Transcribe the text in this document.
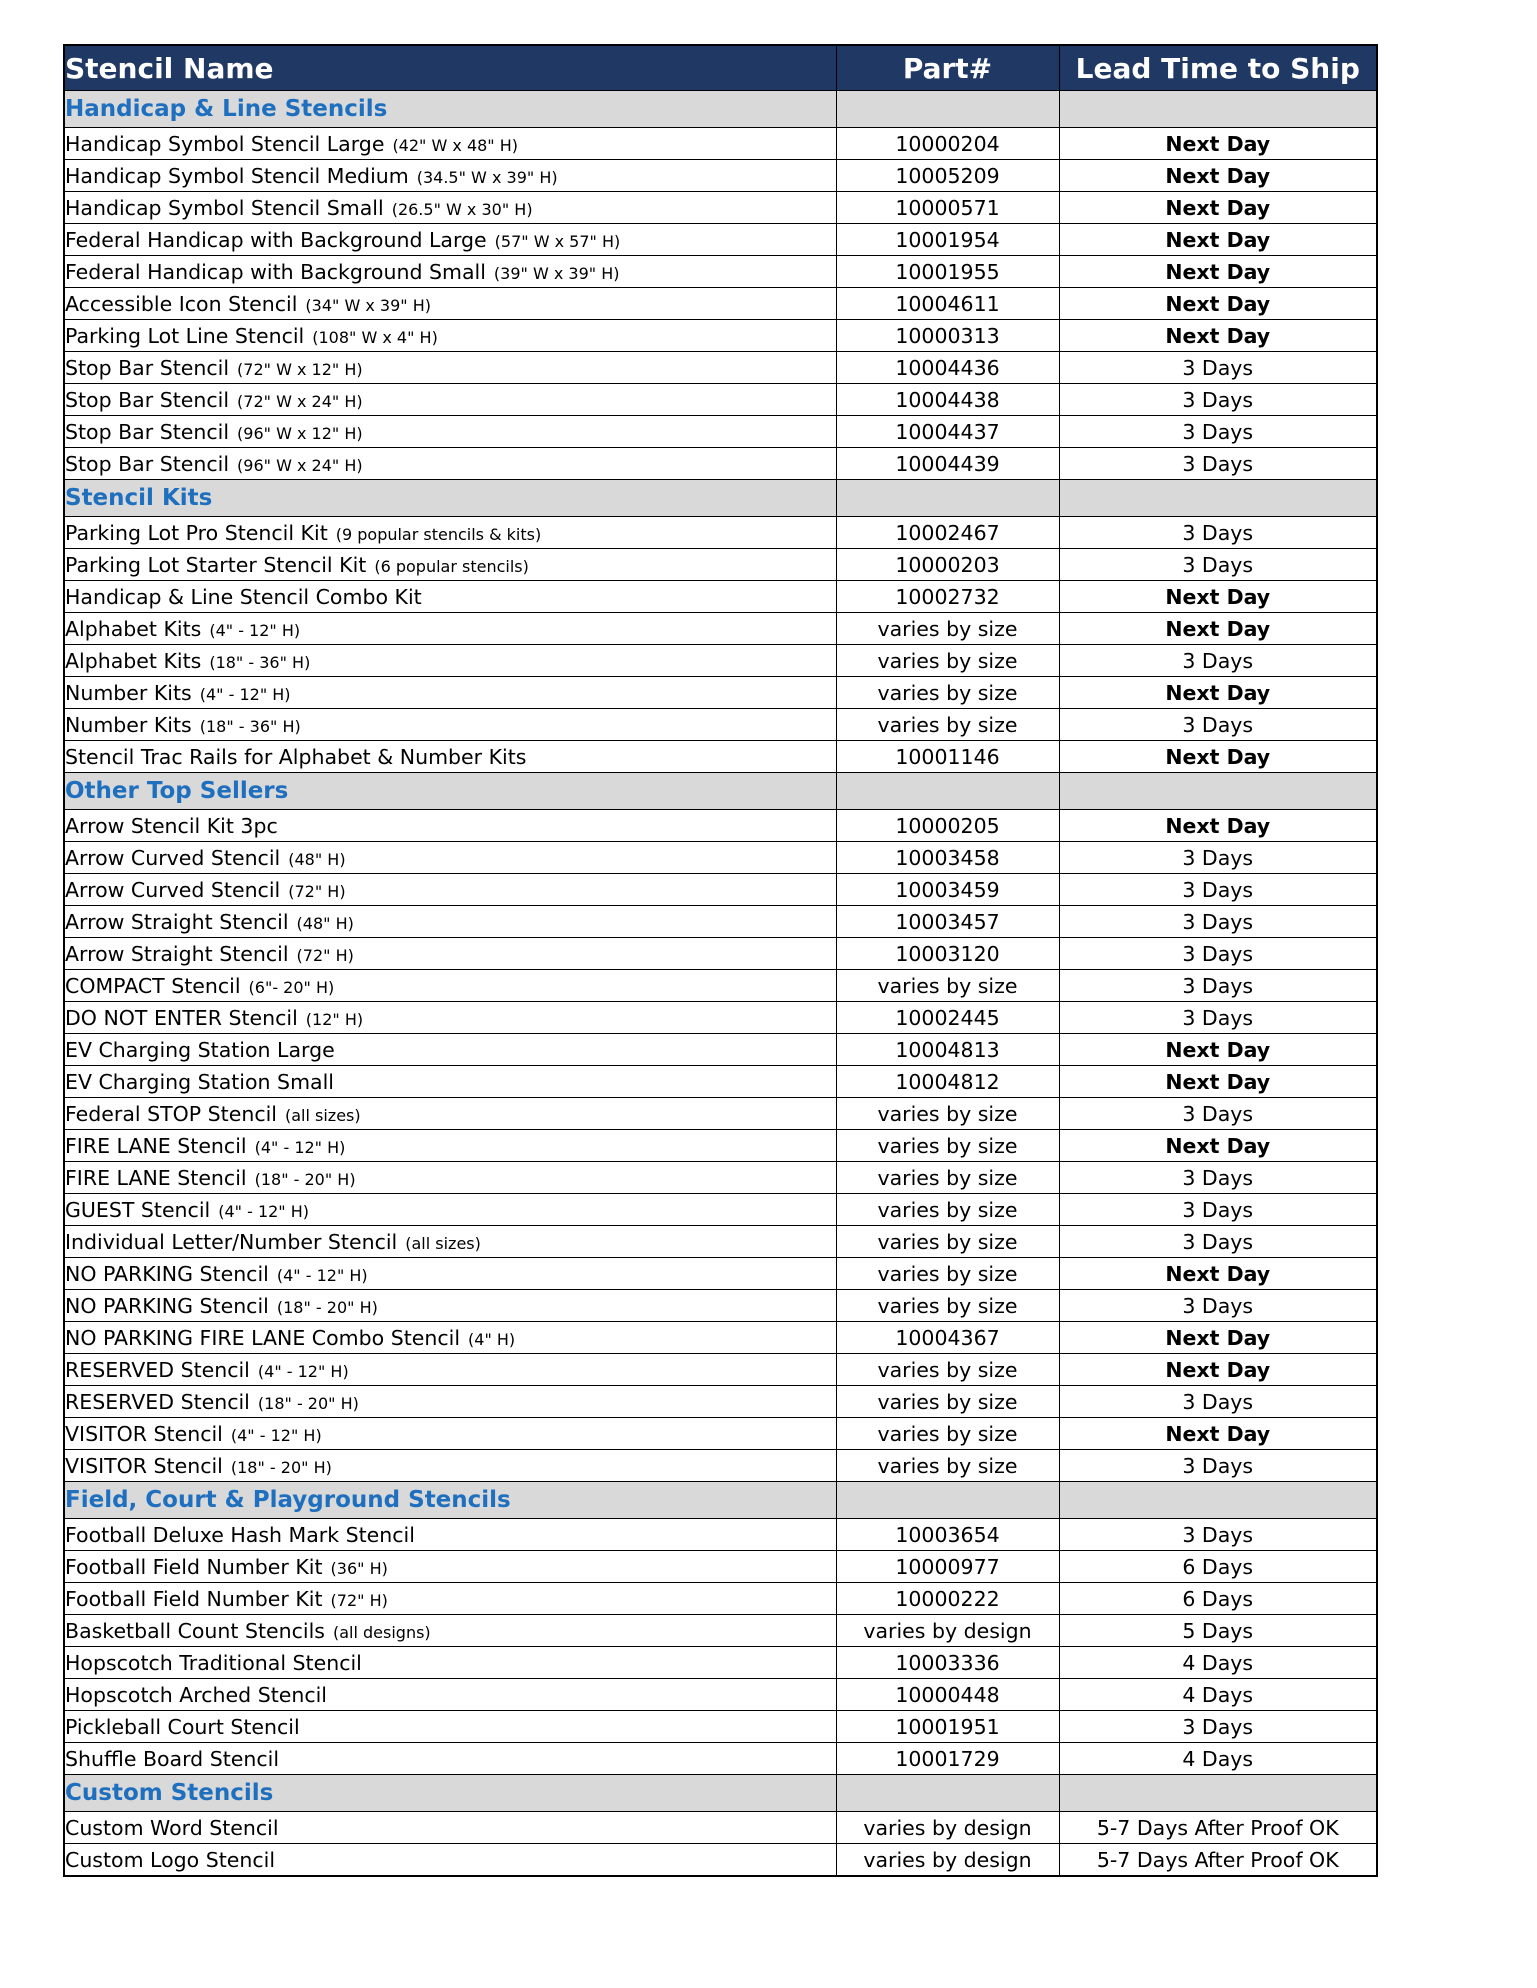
Stencil Name	Part#	Lead Time to Ship
Handicap & Line Stencils		
Handicap Symbol Stencil Large (42" W x 48" H)	10000204	Next Day
Handicap Symbol Stencil Medium (34.5" W x 39" H)	10005209	Next Day
Handicap Symbol Stencil Small (26.5" W x 30" H)	10000571	Next Day
Federal Handicap with Background Large (57" W x 57" H)	10001954	Next Day
Federal Handicap with Background Small (39" W x 39" H)	10001955	Next Day
Accessible Icon Stencil (34" W x 39" H)	10004611	Next Day
Parking Lot Line Stencil (108" W x 4" H)	10000313	Next Day
Stop Bar Stencil (72" W x 12" H)	10004436	3 Days
Stop Bar Stencil (72" W x 24" H)	10004438	3 Days
Stop Bar Stencil (96" W x 12" H)	10004437	3 Days
Stop Bar Stencil (96" W x 24" H)	10004439	3 Days
Stencil Kits		
Parking Lot Pro Stencil Kit (9 popular stencils & kits)	10002467	3 Days
Parking Lot Starter Stencil Kit (6 popular stencils)	10000203	3 Days
Handicap & Line Stencil Combo Kit	10002732	Next Day
Alphabet Kits (4" - 12" H)	varies by size	Next Day
Alphabet Kits (18" - 36" H)	varies by size	3 Days
Number Kits (4" - 12" H)	varies by size	Next Day
Number Kits (18" - 36" H)	varies by size	3 Days
Stencil Trac Rails for Alphabet & Number Kits	10001146	Next Day
Other Top Sellers		
Arrow Stencil Kit 3pc	10000205	Next Day
Arrow Curved Stencil (48" H)	10003458	3 Days
Arrow Curved Stencil (72" H)	10003459	3 Days
Arrow Straight Stencil (48" H)	10003457	3 Days
Arrow Straight Stencil (72" H)	10003120	3 Days
COMPACT Stencil (6"- 20" H)	varies by size	3 Days
DO NOT ENTER Stencil (12" H)	10002445	3 Days
EV Charging Station Large	10004813	Next Day
EV Charging Station Small	10004812	Next Day
Federal STOP Stencil (all sizes)	varies by size	3 Days
FIRE LANE Stencil (4" - 12" H)	varies by size	Next Day
FIRE LANE Stencil (18" - 20" H)	varies by size	3 Days
GUEST Stencil (4" - 12" H)	varies by size	3 Days
Individual Letter/Number Stencil (all sizes)	varies by size	3 Days
NO PARKING Stencil (4" - 12" H)	varies by size	Next Day
NO PARKING Stencil (18" - 20" H)	varies by size	3 Days
NO PARKING FIRE LANE Combo Stencil (4" H)	10004367	Next Day
RESERVED Stencil (4" - 12" H)	varies by size	Next Day
RESERVED Stencil (18" - 20" H)	varies by size	3 Days
VISITOR Stencil (4" - 12" H)	varies by size	Next Day
VISITOR Stencil (18" - 20" H)	varies by size	3 Days
Field, Court & Playground Stencils		
Football Deluxe Hash Mark Stencil	10003654	3 Days
Football Field Number Kit (36" H)	10000977	6 Days
Football Field Number Kit (72" H)	10000222	6 Days
Basketball Count Stencils (all designs)	varies by design	5 Days
Hopscotch Traditional Stencil	10003336	4 Days
Hopscotch Arched Stencil	10000448	4 Days
Pickleball Court Stencil	10001951	3 Days
Shuffle Board Stencil	10001729	4 Days
Custom Stencils		
Custom Word Stencil	varies by design	5-7 Days After Proof OK
Custom Logo Stencil	varies by design	5-7 Days After Proof OK
